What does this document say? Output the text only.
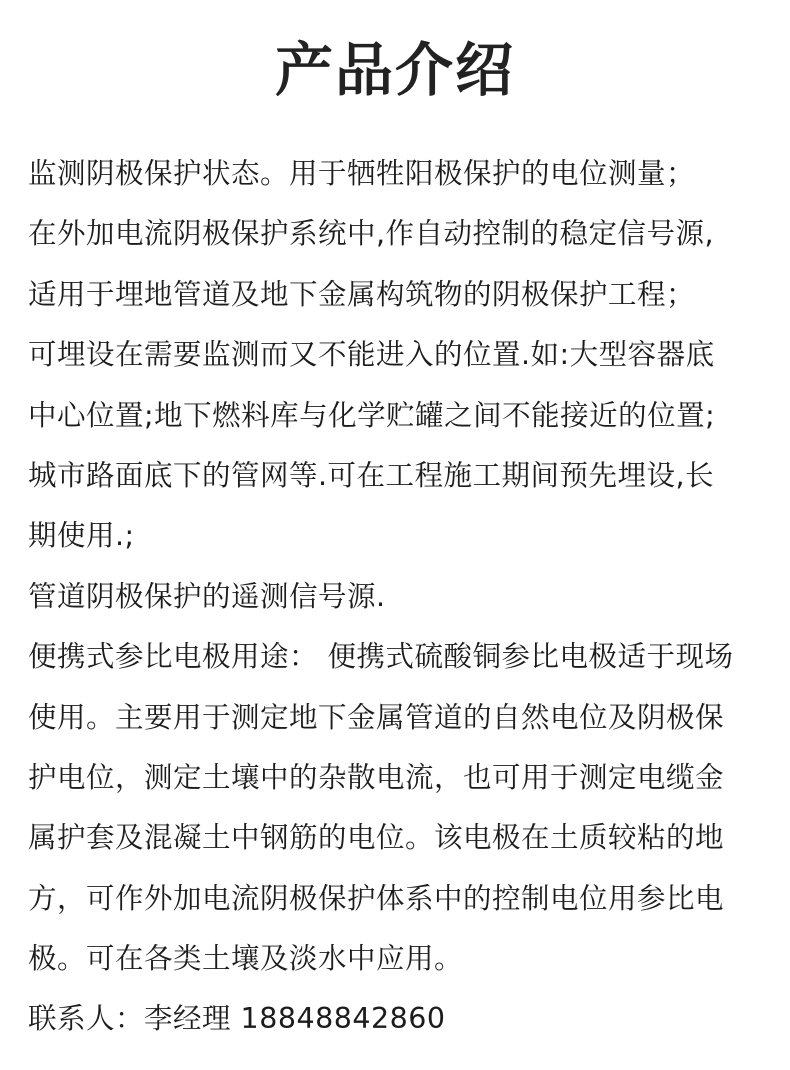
产品介绍
监测阴极保护状态。用于牺牲阳极保护的电位测量；
在外加电流阴极保护系统中,作自动控制的稳定信号源,
适用于埋地管道及地下金属构筑物的阴极保护工程；
可埋设在需要监测而又不能进入的位置.如:大型容器底
中心位置;地下燃料库与化学贮罐之间不能接近的位置;
城市路面底下的管网等.可在工程施工期间预先埋设,长
期使用.;
管道阴极保护的遥测信号源.
便携式参比电极用途： 便携式硫酸铜参比电极适于现场
使用。主要用于测定地下金属管道的自然电位及阴极保
护电位，测定土壤中的杂散电流，也可用于测定电缆金
属护套及混凝土中钢筋的电位。该电极在土质较粘的地
方，可作外加电流阴极保护体系中的控制电位用参比电
极。可在各类土壤及淡水中应用。
联系人：李经理 18848842860
